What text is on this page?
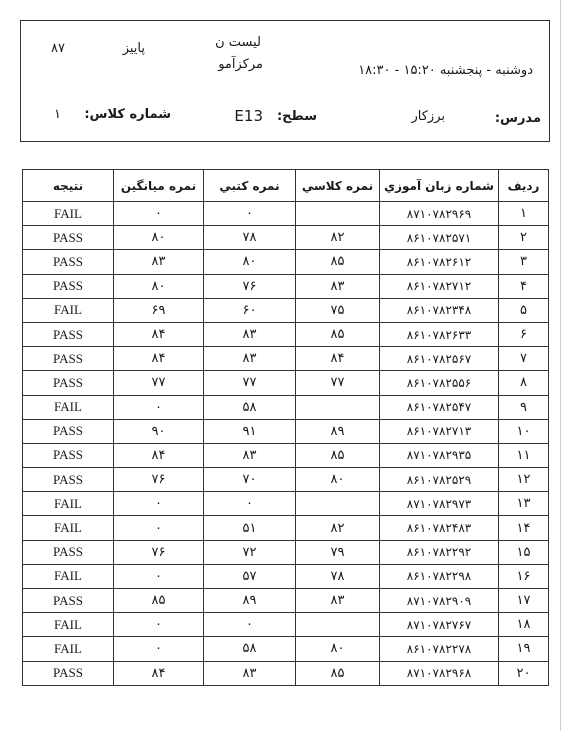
لیست ن
پاییز
۸۷
مرکزآمو	دوشنبه - پنجشنبه ۱۵:۲۰ - ۱۸:۳۰
مدرس:
برزکار
سطح:
E13
شماره کلاس:
۱
ردیف	شماره زبان آموزي	نمره کلاسي	نمره کتبي	نمره میانگین	نتیجه
۱	۸۷۱۰۷۸۲۹۶۹		۰	۰	FAIL
۲	۸۶۱۰۷۸۲۵۷۱	۸۲	۷۸	۸۰	PASS
۳	۸۶۱۰۷۸۲۶۱۲	۸۵	۸۰	۸۳	PASS
۴	۸۶۱۰۷۸۲۷۱۲	۸۳	۷۶	۸۰	PASS
۵	۸۶۱۰۷۸۲۳۴۸	۷۵	۶۰	۶۹	FAIL
۶	۸۶۱۰۷۸۲۶۳۳	۸۵	۸۳	۸۴	PASS
۷	۸۶۱۰۷۸۲۵۶۷	۸۴	۸۳	۸۴	PASS
۸	۸۶۱۰۷۸۲۵۵۶	۷۷	۷۷	۷۷	PASS
۹	۸۶۱۰۷۸۲۵۴۷		۵۸	۰	FAIL
۱۰	۸۶۱۰۷۸۲۷۱۳	۸۹	۹۱	۹۰	PASS
۱۱	۸۷۱۰۷۸۲۹۳۵	۸۵	۸۳	۸۴	PASS
۱۲	۸۶۱۰۷۸۲۵۲۹	۸۰	۷۰	۷۶	PASS
۱۳	۸۷۱۰۷۸۲۹۷۳		۰	۰	FAIL
۱۴	۸۶۱۰۷۸۲۴۸۳	۸۲	۵۱	۰	FAIL
۱۵	۸۶۱۰۷۸۲۲۹۲	۷۹	۷۲	۷۶	PASS
۱۶	۸۶۱۰۷۸۲۲۹۸	۷۸	۵۷	۰	FAIL
۱۷	۸۷۱۰۷۸۲۹۰۹	۸۳	۸۹	۸۵	PASS
۱۸	۸۷۱۰۷۸۲۷۶۷		۰	۰	FAIL
۱۹	۸۶۱۰۷۸۲۲۷۸	۸۰	۵۸	۰	FAIL
۲۰	۸۷۱۰۷۸۲۹۶۸	۸۵	۸۳	۸۴	PASS
